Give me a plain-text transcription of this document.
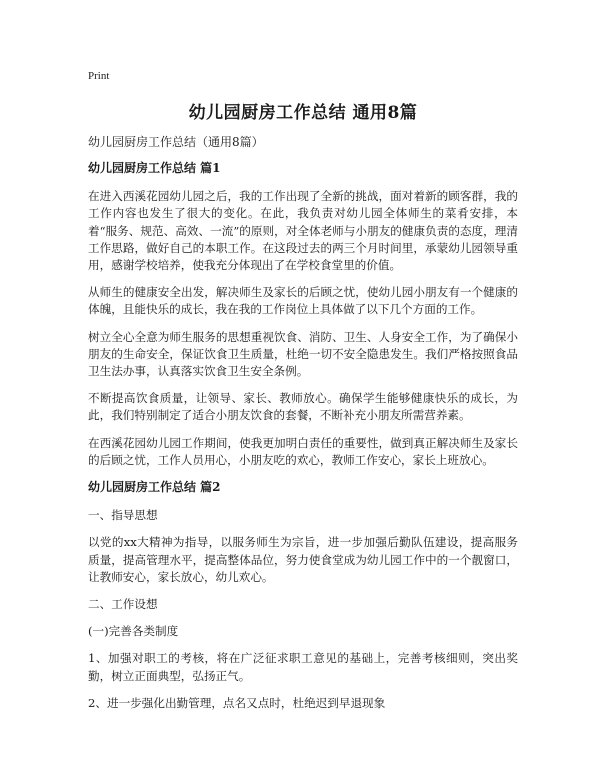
Print
幼儿园厨房工作总结 通用8篇

幼儿园厨房工作总结（通用8篇）

幼儿园厨房工作总结 篇1

在进入西溪花园幼儿园之后，我的工作出现了全新的挑战，面对着新的顾客群，我的工作内容也发生了很大的变化。在此，我负责对幼儿园全体师生的菜肴安排，本着“服务、规范、高效、一流”的原则，对全体老师与小朋友的健康负责的态度，理清工作思路，做好自己的本职工作。在这段过去的两三个月时间里，承蒙幼儿园领导重用，感谢学校培养，使我充分体现出了在学校食堂里的价值。

从师生的健康安全出发，解决师生及家长的后顾之忧，使幼儿园小朋友有一个健康的体魄，且能快乐的成长，我在我的工作岗位上具体做了以下几个方面的工作。

树立全心全意为师生服务的思想重视饮食、消防、卫生、人身安全工作，为了确保小朋友的生命安全，保证饮食卫生质量，杜绝一切不安全隐患发生。我们严格按照食品卫生法办事，认真落实饮食卫生安全条例。

不断提高饮食质量，让领导、家长、教师放心。确保学生能够健康快乐的成长，为此，我们特别制定了适合小朋友饮食的套餐，不断补充小朋友所需营养素。

在西溪花园幼儿园工作期间，使我更加明白责任的重要性，做到真正解决师生及家长的后顾之忧，工作人员用心，小朋友吃的欢心，教师工作安心，家长上班放心。

幼儿园厨房工作总结 篇2

一、指导思想

以党的xx大精神为指导，以服务师生为宗旨，进一步加强后勤队伍建设，提高服务质量，提高管理水平，提高整体品位，努力使食堂成为幼儿园工作中的一个靓窗口，让教师安心，家长放心，幼儿欢心。

二、工作设想

(一)完善各类制度

1、加强对职工的考核，将在广泛征求职工意见的基础上，完善考核细则，突出奖勤，树立正面典型，弘扬正气。

2、进一步强化出勤管理，点名又点时，杜绝迟到早退现象
